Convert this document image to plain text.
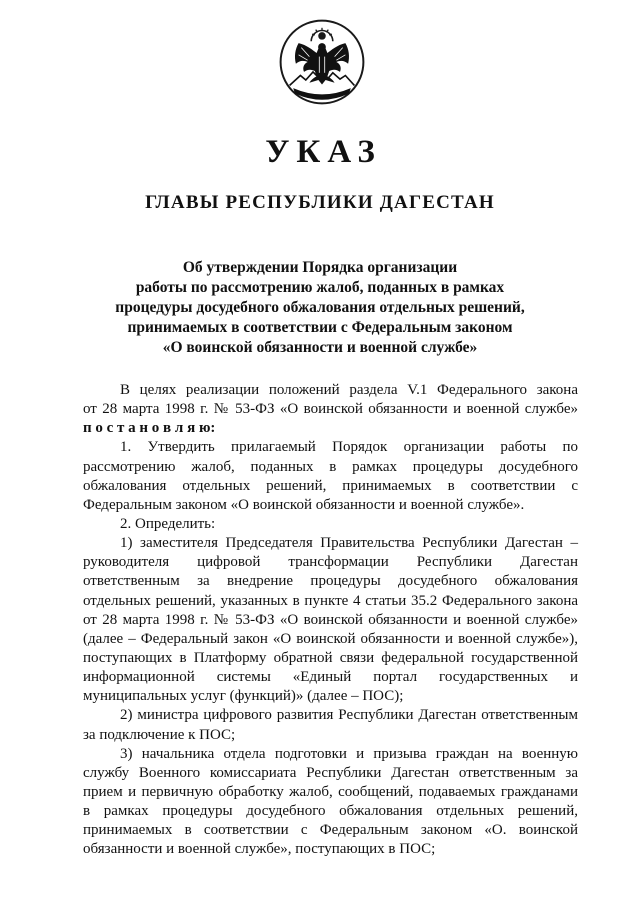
УКАЗ
ГЛАВЫ РЕСПУБЛИКИ ДАГЕСТАН
Об утверждении Порядка организации
работы по рассмотрению жалоб, поданных в рамках
процедуры досудебного обжалования отдельных решений,
принимаемых в соответствии с Федеральным законом
«О воинской обязанности и военной службе»
В целях реализации положений раздела V.1 Федерального закона
от 28 марта 1998 г. № 53-ФЗ «О воинской обязанности и военной службе»
п о с т а н о в л я ю:
1. Утвердить прилагаемый Порядок организации работы по
рассмотрению жалоб, поданных в рамках процедуры досудебного
обжалования отдельных решений, принимаемых в соответствии с
Федеральным законом «О воинской обязанности и военной службе».
2. Определить:
1) заместителя Председателя Правительства Республики Дагестан –
руководителя цифровой трансформации Республики Дагестан
ответственным за внедрение процедуры досудебного обжалования
отдельных решений, указанных в пункте 4 статьи 35.2 Федерального закона
от 28 марта 1998 г. № 53-ФЗ «О воинской обязанности и военной службе»
(далее – Федеральный закон «О воинской обязанности и военной службе»),
поступающих в Платформу обратной связи федеральной государственной
информационной системы «Единый портал государственных и
муниципальных услуг (функций)» (далее – ПОС);
2) министра цифрового развития Республики Дагестан ответственным
за подключение к ПОС;
3) начальника отдела подготовки и призыва граждан на военную
службу Военного комиссариата Республики Дагестан ответственным за
прием и первичную обработку жалоб, сообщений, подаваемых гражданами
в рамках процедуры досудебного обжалования отдельных решений,
принимаемых в соответствии с Федеральным законом «О. воинской
обязанности и военной службе», поступающих в ПОС;
